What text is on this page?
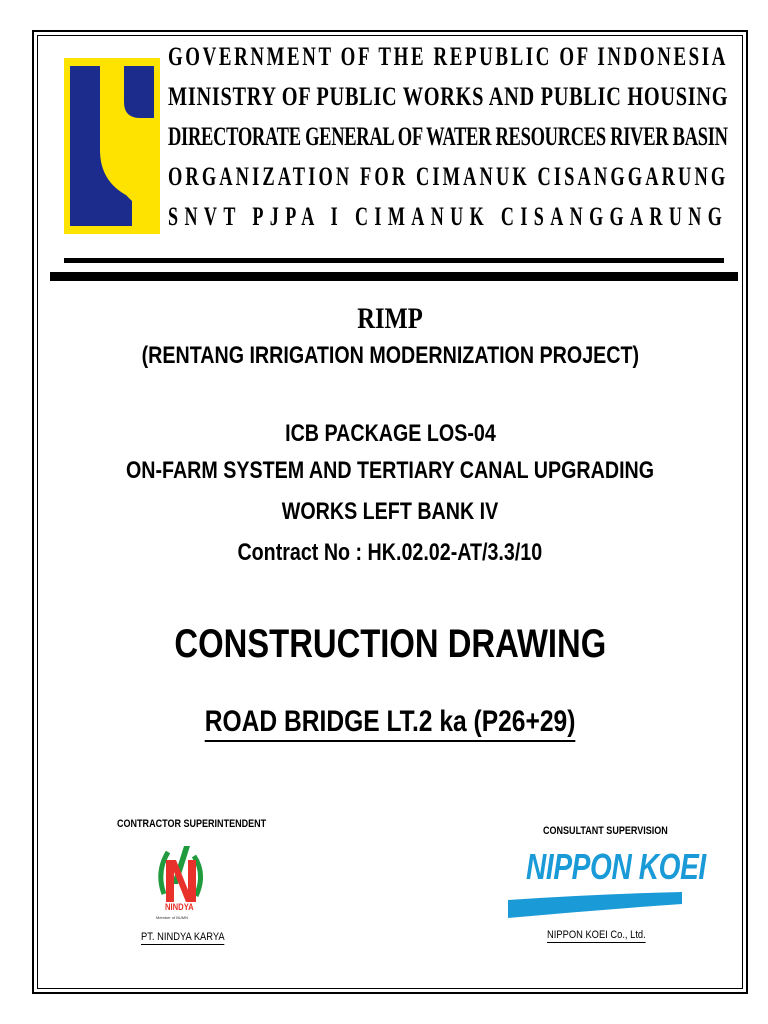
GOVERNMENT OF THE REPUBLIC OF INDONESIA
MINISTRY OF PUBLIC WORKS AND PUBLIC HOUSING
DIRECTORATE GENERAL OF WATER RESOURCES RIVER BASIN
ORGANIZATION FOR CIMANUK CISANGGARUNG
SNVT PJPA I CIMANUK CISANGGARUNG
RIMP
(RENTANG IRRIGATION MODERNIZATION PROJECT)
ICB PACKAGE LOS-04
ON-FARM SYSTEM AND TERTIARY CANAL UPGRADING
WORKS LEFT BANK IV
Contract No : HK.02.02-AT/3.3/10
CONSTRUCTION DRAWING
ROAD BRIDGE LT.2 ka (P26+29)
CONTRACTOR SUPERINTENDENT
NINDYA
Member of BUMN
PT. NINDYA KARYA
CONSULTANT SUPERVISION
NIPPON KOEI
NIPPON KOEI Co., Ltd.
